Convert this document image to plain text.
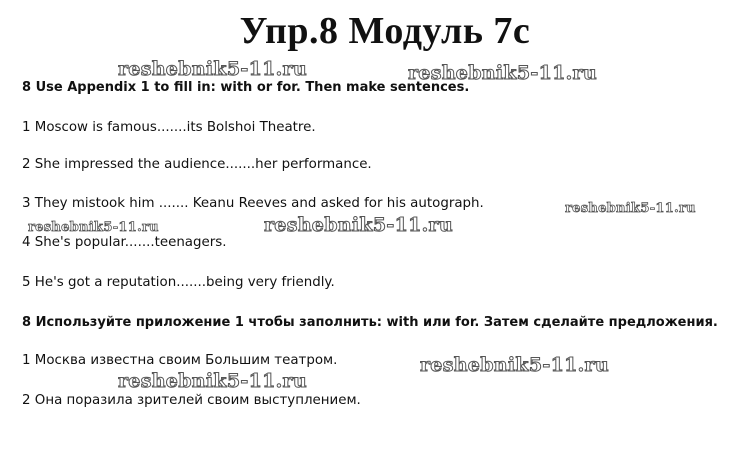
Упр.8 Модуль 7c
reshebnik5-11.ru	reshebnik5-11.ru
reshebnik5-11.ru
reshebnik5-11.ru	reshebnik5-11.ru
reshebnik5-11.ru
reshebnik5-11.ru
8 Use Appendix 1 to fill in: with or for. Then make sentences.
1 Moscow is famous.......its Bolshoi Theatre.
2 She impressed the audience.......her performance.
3 They mistook him ....... Keanu Reeves and asked for his autograph.
4 She's popular.......teenagers.
5 He's got a reputation.......being very friendly.
8 Используйте приложение 1 чтобы заполнить: with или for. Затем сделайте предложения.
1 Москва известна своим Большим театром.
2 Она поразила зрителей своим выступлением.
